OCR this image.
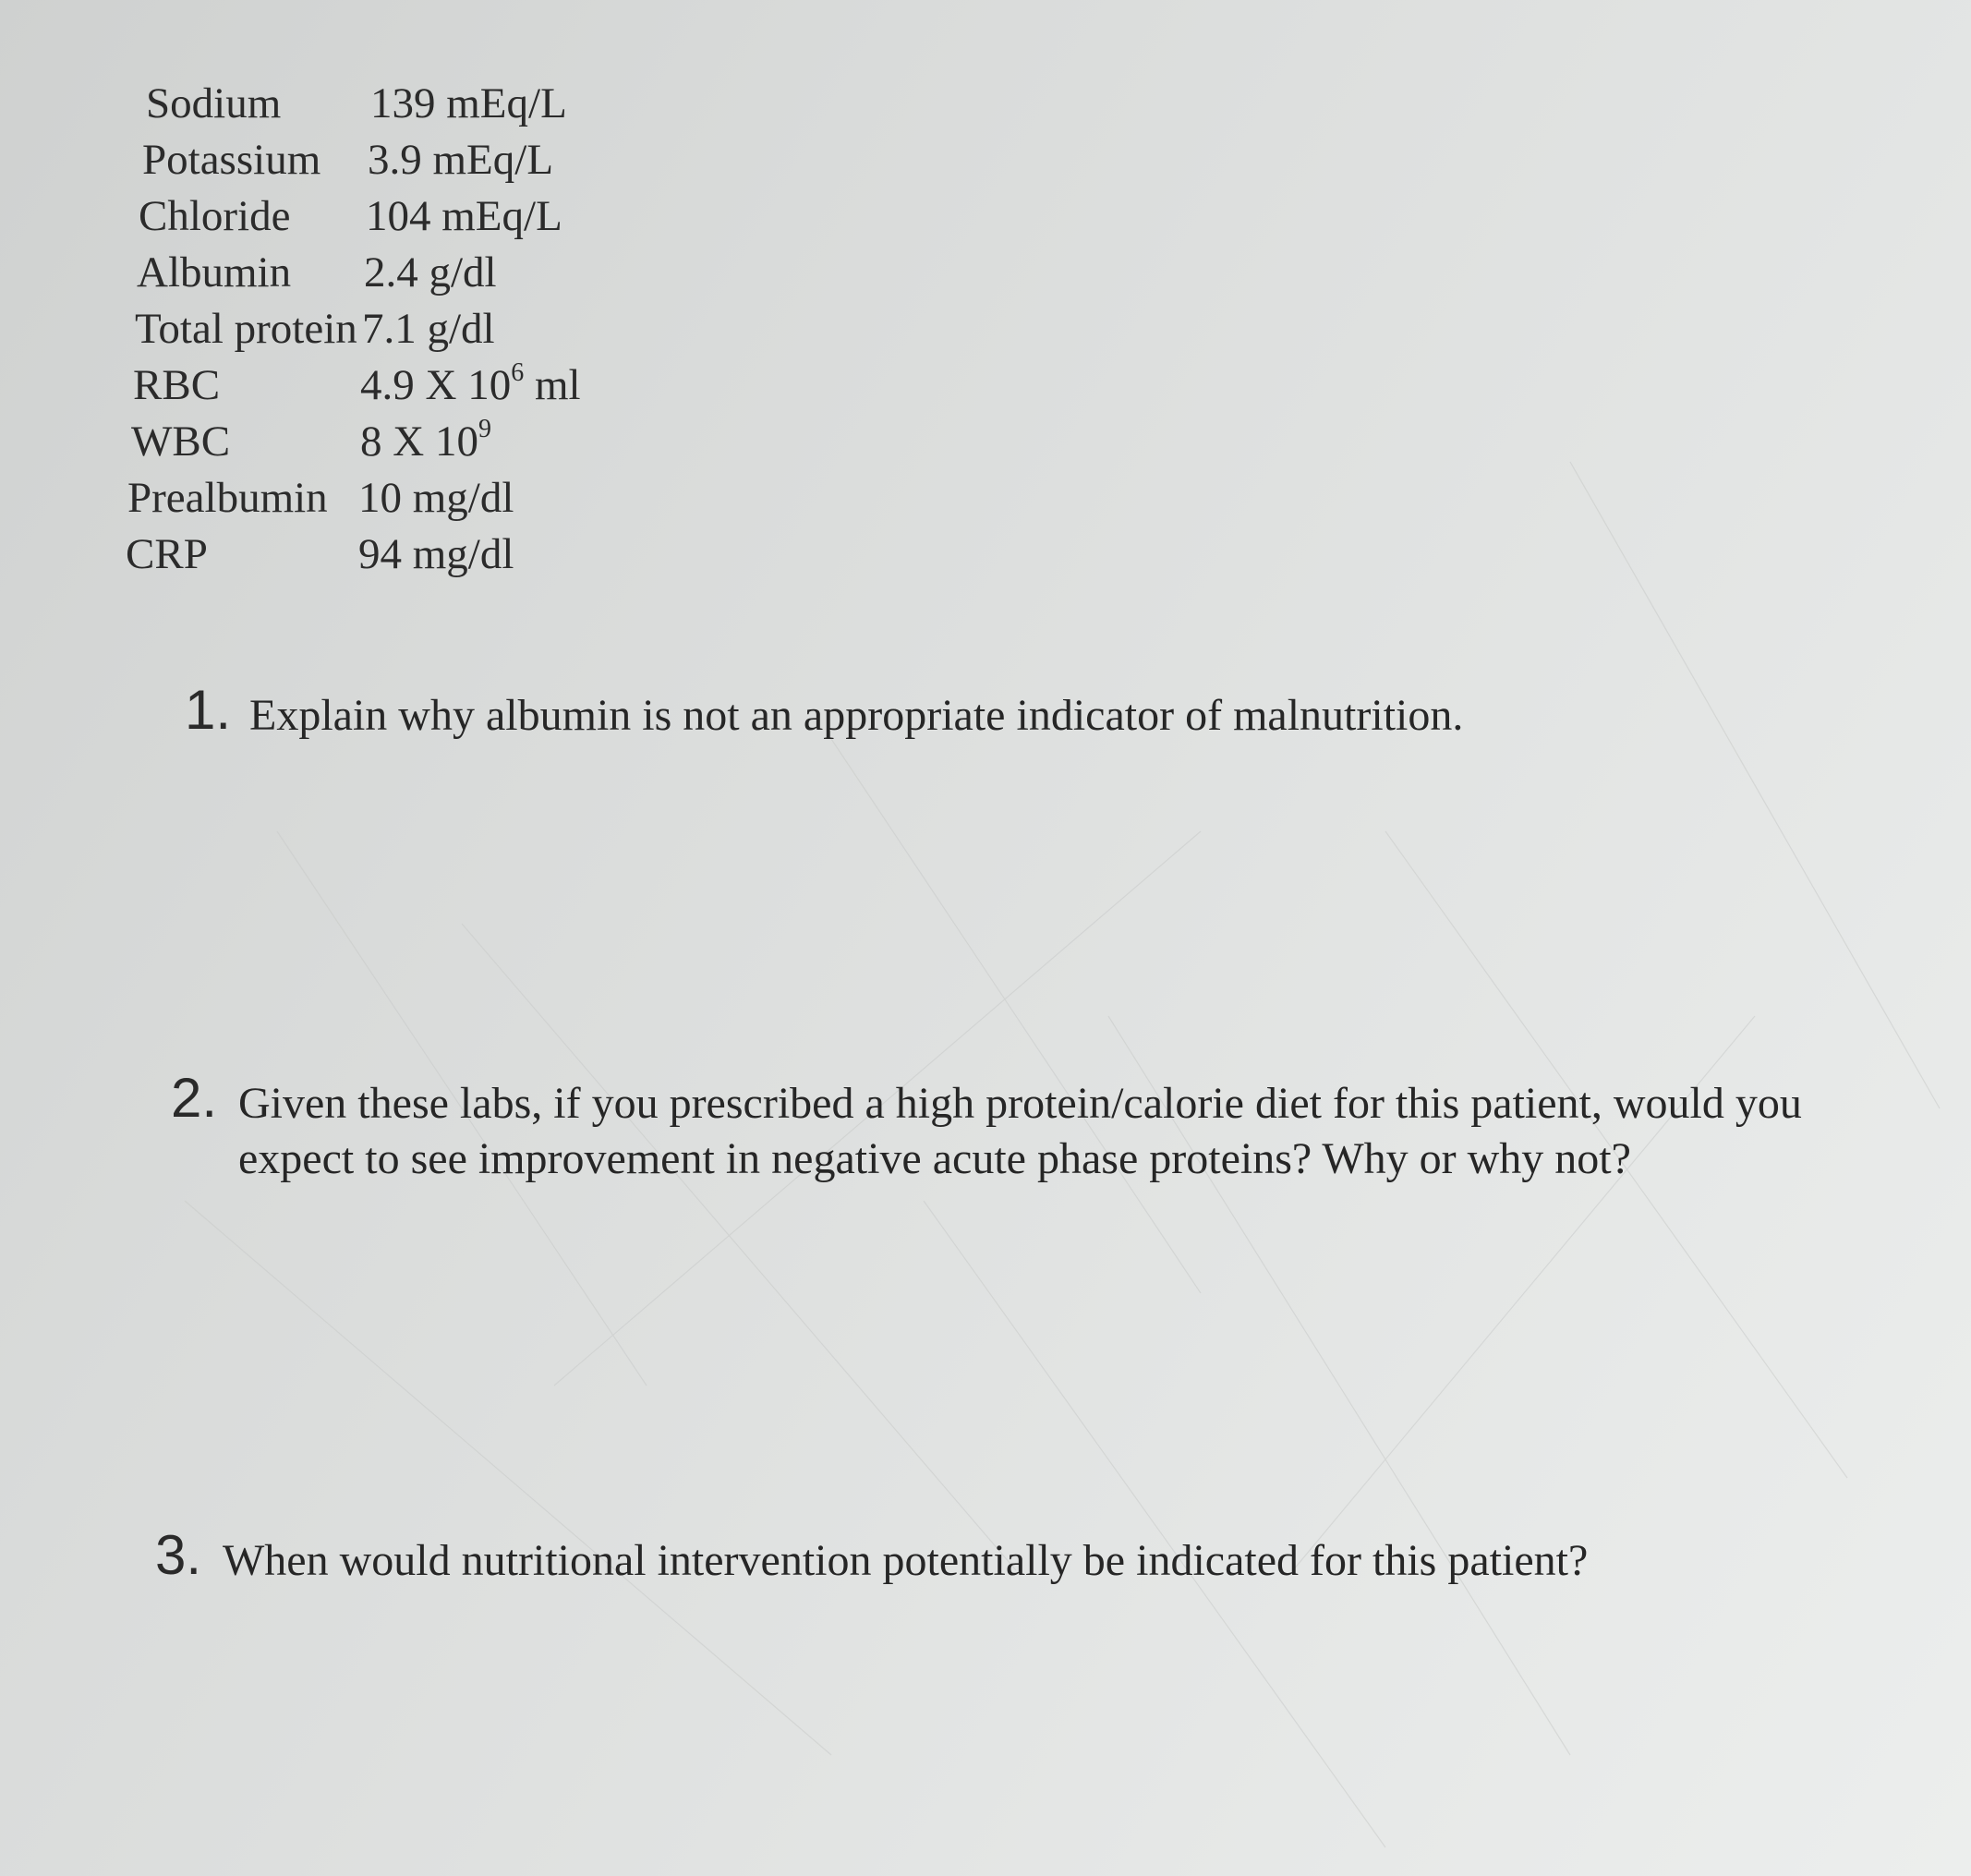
Sodium 139 mEq/L
Potassium 3.9 mEq/L
Chloride 104 mEq/L
Albumin 2.4 g/dl
Total protein 7.1 g/dl
RBC	4.9 X $10^6$ ml
WBC	8 X $10^9$
Prealbumin 10 mg/dl
CRP	94 mg/dl
1. Explain why albumin is not an appropriate indicator of malnutrition.
2. Given these labs, if you prescribed a high protein/calorie diet for this patient, would you
expect to see improvement in negative acute phase proteins? Why or why not?
3. When would nutritional intervention potentially be indicated for this patient?
